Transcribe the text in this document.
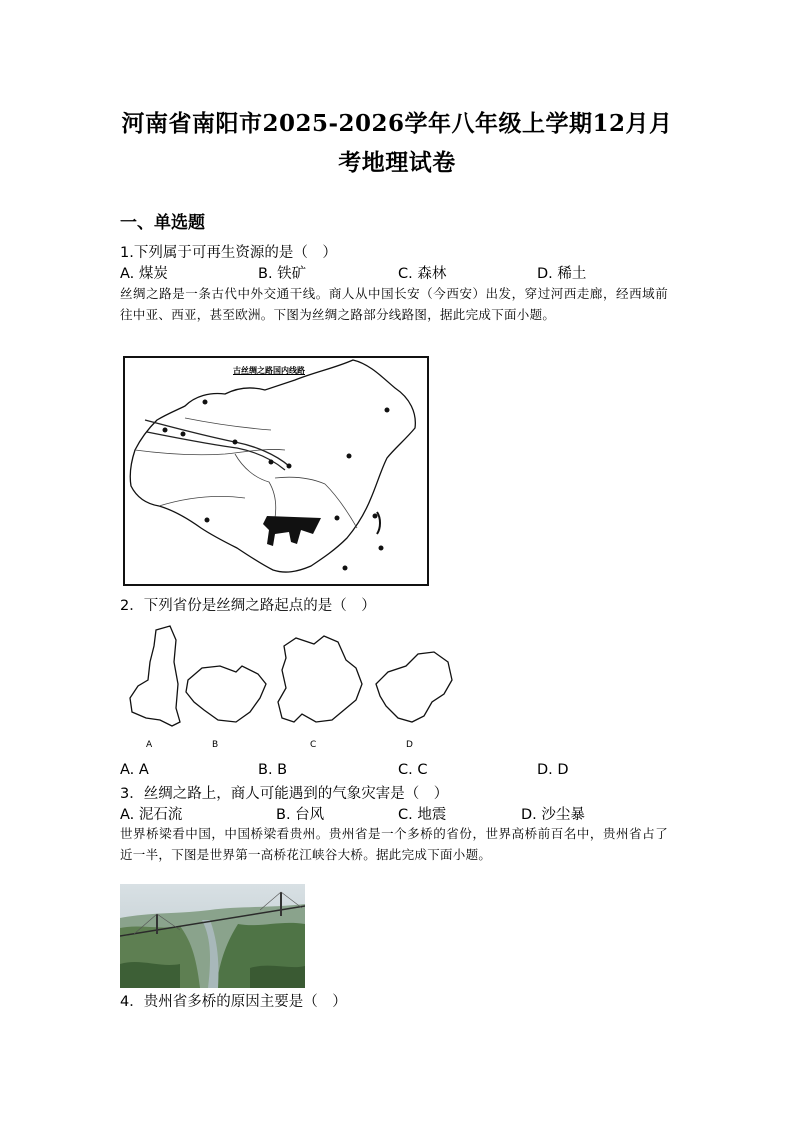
河南省南阳市2025-2026学年八年级上学期12月月
考地理试卷
一、单选题
1.下列属于可再生资源的是（　）
A. 煤炭	B. 铁矿	C. 森林	D. 稀土
丝绸之路是一条古代中外交通干线。商人从中国长安（今西安）出发，穿过河西走廊，经西域前往中亚、西亚，甚至欧洲。下图为丝绸之路部分线路图，据此完成下面小题。
古丝绸之路国内线路
2．下列省份是丝绸之路起点的是（　）
A	B	C	D
A. A	B. B	C. C	D. D
3．丝绸之路上，商人可能遇到的气象灾害是（　）
A. 泥石流	B. 台风	C. 地震	D. 沙尘暴
世界桥梁看中国，中国桥梁看贵州。贵州省是一个多桥的省份，世界高桥前百名中，贵州省占了近一半，下图是世界第一高桥花江峡谷大桥。据此完成下面小题。
4．贵州省多桥的原因主要是（　）
